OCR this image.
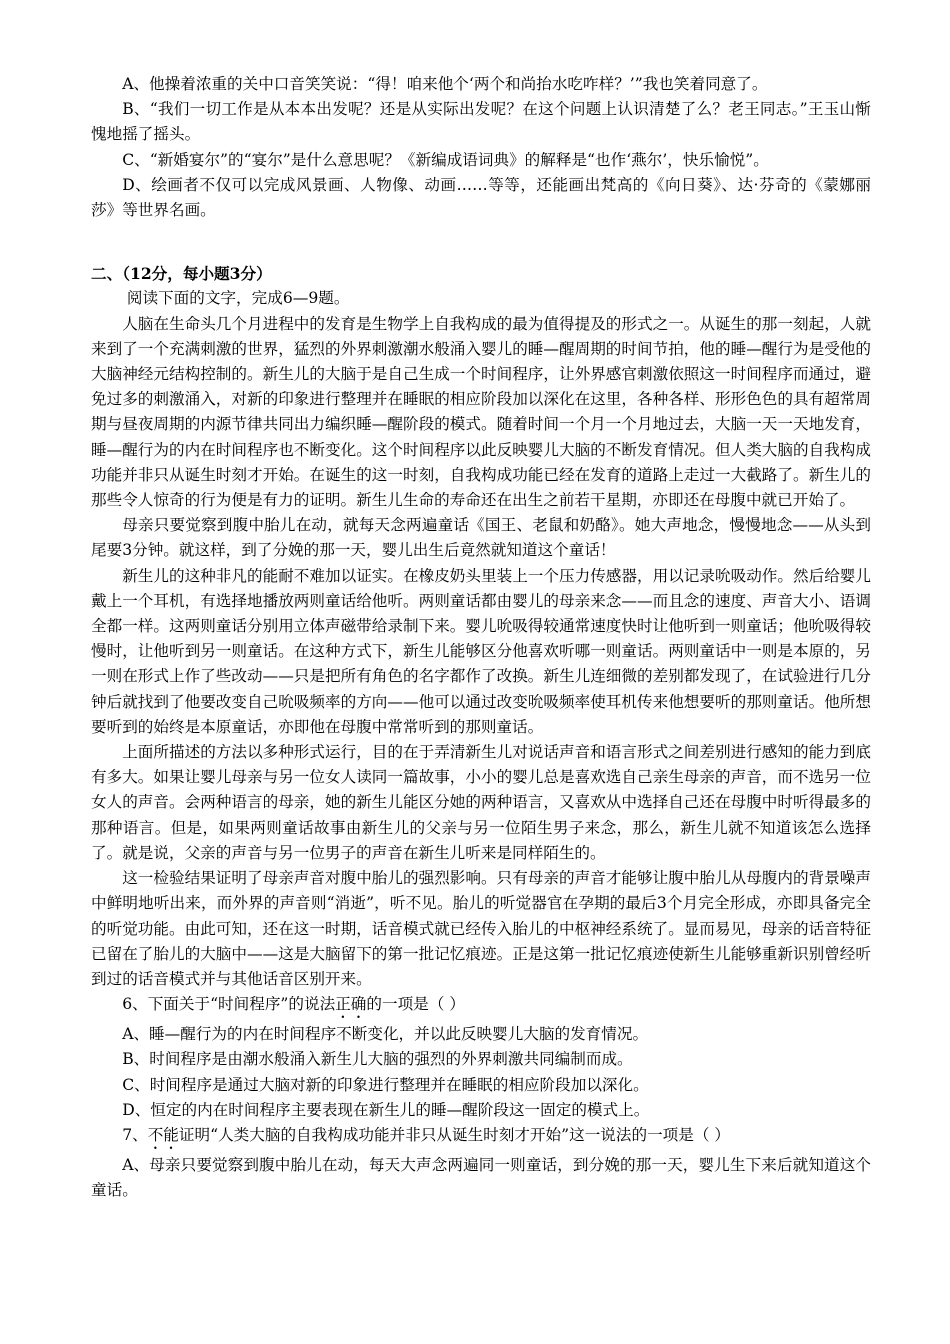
A、他操着浓重的关中口音笑笑说：“得！咱来他个‘两个和尚抬水吃咋样？’”我也笑着同意了。

B、“我们一切工作是从本本出发呢？还是从实际出发呢？在这个问题上认识清楚了么？老王同志。”王玉山惭愧地摇了摇头。

C、“新婚宴尔”的“宴尔”是什么意思呢？《新编成语词典》的解释是“也作‘燕尔’，快乐愉悦”。

D、绘画者不仅可以完成风景画、人物像、动画……等等，还能画出梵高的《向日葵》、达·芬奇的《蒙娜丽莎》等世界名画。

二、（12分，每小题3分）

阅读下面的文字，完成6—9题。

人脑在生命头几个月进程中的发育是生物学上自我构成的最为值得提及的形式之一。从诞生的那一刻起，人就来到了一个充满刺激的世界，猛烈的外界刺激潮水般涌入婴儿的睡—醒周期的时间节拍，他的睡—醒行为是受他的大脑神经元结构控制的。新生儿的大脑于是自己生成一个时间程序，让外界感官刺激依照这一时间程序而通过，避免过多的刺激涌入，对新的印象进行整理并在睡眠的相应阶段加以深化在这里，各种各样、形形色色的具有超常周期与昼夜周期的内源节律共同出力编织睡—醒阶段的模式。随着时间一个月一个月地过去，大脑一天一天地发育，睡—醒行为的内在时间程序也不断变化。这个时间程序以此反映婴儿大脑的不断发育情况。但人类大脑的自我构成功能并非只从诞生时刻才开始。在诞生的这一时刻，自我构成功能已经在发育的道路上走过一大截路了。新生儿的那些令人惊奇的行为便是有力的证明。新生儿生命的寿命还在出生之前若干星期，亦即还在母腹中就已开始了。

母亲只要觉察到腹中胎儿在动，就每天念两遍童话《国王、老鼠和奶酪》。她大声地念，慢慢地念——从头到尾要3分钟。就这样，到了分娩的那一天，婴儿出生后竟然就知道这个童话！

新生儿的这种非凡的能耐不难加以证实。在橡皮奶头里装上一个压力传感器，用以记录吮吸动作。然后给婴儿戴上一个耳机，有选择地播放两则童话给他听。两则童话都由婴儿的母亲来念——而且念的速度、声音大小、语调全都一样。这两则童话分别用立体声磁带给录制下来。婴儿吮吸得较通常速度快时让他听到一则童话；他吮吸得较慢时，让他听到另一则童话。在这种方式下，新生儿能够区分他喜欢听哪一则童话。两则童话中一则是本原的，另一则在形式上作了些改动——只是把所有角色的名字都作了改换。新生儿连细微的差别都发现了，在试验进行几分钟后就找到了他要改变自己吮吸频率的方向——他可以通过改变吮吸频率使耳机传来他想要听的那则童话。他所想要听到的始终是本原童话，亦即他在母腹中常常听到的那则童话。

上面所描述的方法以多种形式运行，目的在于弄清新生儿对说话声音和语言形式之间差别进行感知的能力到底有多大。如果让婴儿母亲与另一位女人读同一篇故事，小小的婴儿总是喜欢选自己亲生母亲的声音，而不选另一位女人的声音。会两种语言的母亲，她的新生儿能区分她的两种语言，又喜欢从中选择自己还在母腹中时听得最多的那种语言。但是，如果两则童话故事由新生儿的父亲与另一位陌生男子来念，那么，新生儿就不知道该怎么选择了。就是说，父亲的声音与另一位男子的声音在新生儿听来是同样陌生的。

这一检验结果证明了母亲声音对腹中胎儿的强烈影响。只有母亲的声音才能够让腹中胎儿从母腹内的背景噪声中鲜明地听出来，而外界的声音则“消逝”，听不见。胎儿的听觉器官在孕期的最后3个月完全形成，亦即具备完全的听觉功能。由此可知，还在这一时期，话音模式就已经传入胎儿的中枢神经系统了。显而易见，母亲的话音特征已留在了胎儿的大脑中——这是大脑留下的第一批记忆痕迹。正是这第一批记忆痕迹使新生儿能够重新识别曾经听到过的话音模式并与其他话音区别开来。

6、下面关于“时间程序”的说法正确的一项是（ ）

A、睡—醒行为的内在时间程序不断变化，并以此反映婴儿大脑的发育情况。

B、时间程序是由潮水般涌入新生儿大脑的强烈的外界刺激共同编制而成。

C、时间程序是通过大脑对新的印象进行整理并在睡眠的相应阶段加以深化。

D、恒定的内在时间程序主要表现在新生儿的睡—醒阶段这一固定的模式上。

7、不能证明“人类大脑的自我构成功能并非只从诞生时刻才开始”这一说法的一项是（ ）

A、母亲只要觉察到腹中胎儿在动，每天大声念两遍同一则童话，到分娩的那一天，婴儿生下来后就知道这个童话。
